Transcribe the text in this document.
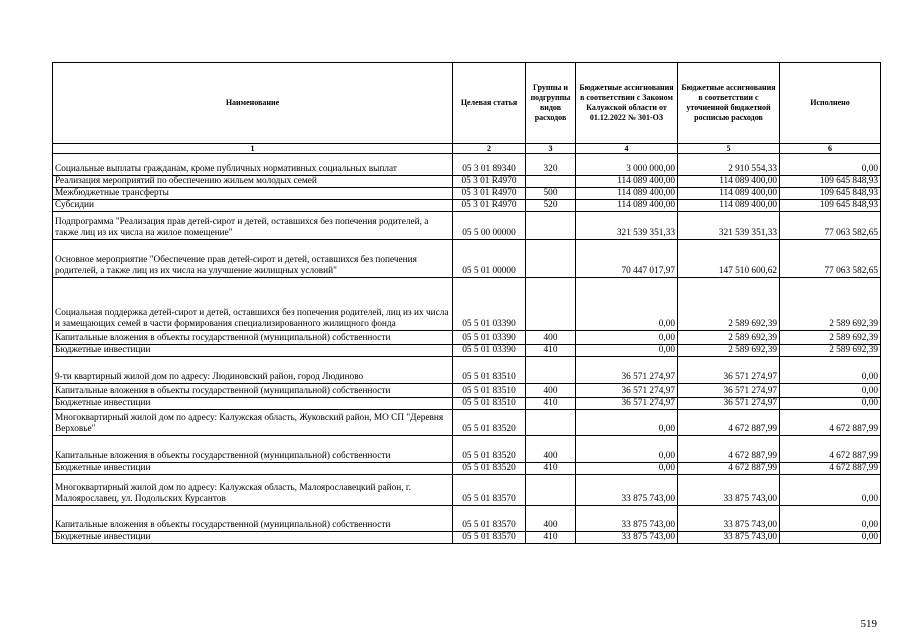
Наименование	Целевая статья	Группы и подгруппы видов расходов	Бюджетные ассигнования в соответствии с Законом Калужской области от 01.12.2022 № 301-ОЗ	Бюджетные ассигнования в соответствии с уточненной бюджетной росписью расходов	Исполнено
1	2	3	4	5	6
Социальные выплаты гражданам, кроме публичных нормативных социальных выплат	05 3 01 89340	320	3 000 000,00	2 910 554,33	0,00
Реализация мероприятий по обеспечению жильем молодых семей	05 3 01 R4970		114 089 400,00	114 089 400,00	109 645 848,93
Межбюджетные трансферты	05 3 01 R4970	500	114 089 400,00	114 089 400,00	109 645 848,93
Субсидии	05 3 01 R4970	520	114 089 400,00	114 089 400,00	109 645 848,93
Подпрограмма "Реализация прав детей-сирот и детей, оставшихся без попечения родителей, а также лиц из их числа на жилое помещение"	05 5 00 00000		321 539 351,33	321 539 351,33	77 063 582,65
Основное мероприятие "Обеспечение прав детей-сирот и детей, оставшихся без попечения родителей, а также лиц из их числа на улучшение жилищных условий"	05 5 01 00000		70 447 017,97	147 510 600,62	77 063 582,65
Социальная поддержка детей-сирот и детей, оставшихся без попечения родителей, лиц из их числа и замещающих семей в части формирования специализированного жилищного фонда	05 5 01 03390		0,00	2 589 692,39	2 589 692,39
Капитальные вложения в объекты государственной (муниципальной) собственности	05 5 01 03390	400	0,00	2 589 692,39	2 589 692,39
Бюджетные инвестиции	05 5 01 03390	410	0,00	2 589 692,39	2 589 692,39
9-ти квартирный жилой дом по адресу: Людиновский район, город Людиново	05 5 01 83510		36 571 274,97	36 571 274,97	0,00
Капитальные вложения в объекты государственной (муниципальной) собственности	05 5 01 83510	400	36 571 274,97	36 571 274,97	0,00
Бюджетные инвестиции	05 5 01 83510	410	36 571 274,97	36 571 274,97	0,00
Многоквартирный жилой дом по адресу: Калужская область, Жуковский район, МО СП "Деревня Верховье"	05 5 01 83520		0,00	4 672 887,99	4 672 887,99
Капитальные вложения в объекты государственной (муниципальной) собственности	05 5 01 83520	400	0,00	4 672 887,99	4 672 887,99
Бюджетные инвестиции	05 5 01 83520	410	0,00	4 672 887,99	4 672 887,99
Многоквартирный жилой дом по адресу: Калужская область, Малоярославецкий район, г. Малоярославец, ул. Подольских Курсантов	05 5 01 83570		33 875 743,00	33 875 743,00	0,00
Капитальные вложения в объекты государственной (муниципальной) собственности	05 5 01 83570	400	33 875 743,00	33 875 743,00	0,00
Бюджетные инвестиции	05 5 01 83570	410	33 875 743,00	33 875 743,00	0,00
519
